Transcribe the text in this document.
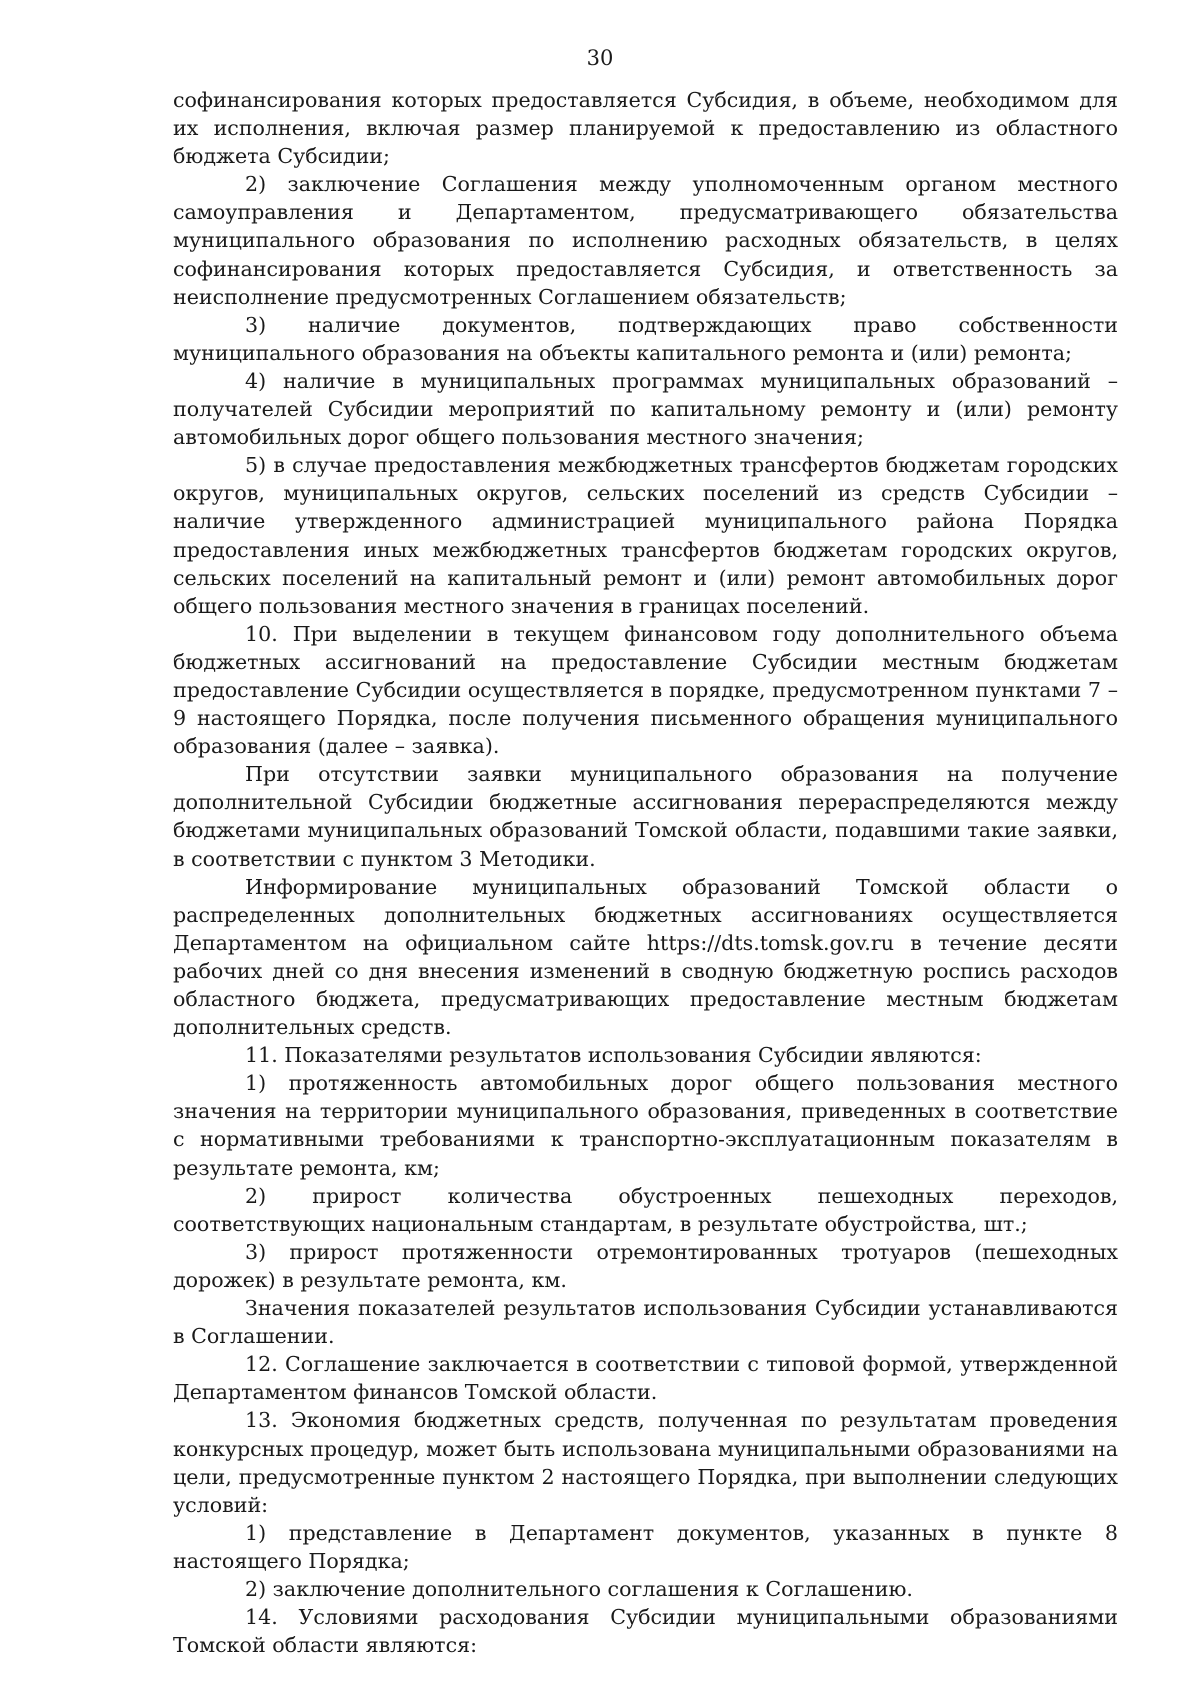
30

софинансирования которых предоставляется Субсидия, в объеме, необходимом для их исполнения, включая размер планируемой к предоставлению из областного бюджета Субсидии;

2) заключение Соглашения между уполномоченным органом местного самоуправления и Департаментом, предусматривающего обязательства муниципального образования по исполнению расходных обязательств, в целях софинансирования которых предоставляется Субсидия, и ответственность за неисполнение предусмотренных Соглашением обязательств;

3) наличие документов, подтверждающих право собственности муниципального образования на объекты капитального ремонта и (или) ремонта;

4) наличие в муниципальных программах муниципальных образований – получателей Субсидии мероприятий по капитальному ремонту и (или) ремонту автомобильных дорог общего пользования местного значения;

5) в случае предоставления межбюджетных трансфертов бюджетам городских округов, муниципальных округов, сельских поселений из средств Субсидии – наличие утвержденного администрацией муниципального района Порядка предоставления иных межбюджетных трансфертов бюджетам городских округов, сельских поселений на капитальный ремонт и (или) ремонт автомобильных дорог общего пользования местного значения в границах поселений.

10. При выделении в текущем финансовом году дополнительного объема бюджетных ассигнований на предоставление Субсидии местным бюджетам предоставление Субсидии осуществляется в порядке, предусмотренном пунктами 7 – 9 настоящего Порядка, после получения письменного обращения муниципального образования (далее – заявка).

При отсутствии заявки муниципального образования на получение дополнительной Субсидии бюджетные ассигнования перераспределяются между бюджетами муниципальных образований Томской области, подавшими такие заявки, в соответствии с пунктом 3 Методики.

Информирование муниципальных образований Томской области о распределенных дополнительных бюджетных ассигнованиях осуществляется Департаментом на официальном сайте https://dts.tomsk.gov.ru в течение десяти рабочих дней со дня внесения изменений в сводную бюджетную роспись расходов областного бюджета, предусматривающих предоставление местным бюджетам дополнительных средств.

11. Показателями результатов использования Субсидии являются:

1) протяженность автомобильных дорог общего пользования местного значения на территории муниципального образования, приведенных в соответствие с нормативными требованиями к транспортно-эксплуатационным показателям в результате ремонта, км;

2) прирост количества обустроенных пешеходных переходов, соответствующих национальным стандартам, в результате обустройства, шт.;

3) прирост протяженности отремонтированных тротуаров (пешеходных дорожек) в результате ремонта, км.

Значения показателей результатов использования Субсидии устанавливаются в Соглашении.

12. Соглашение заключается в соответствии с типовой формой, утвержденной Департаментом финансов Томской области.

13. Экономия бюджетных средств, полученная по результатам проведения конкурсных процедур, может быть использована муниципальными образованиями на цели, предусмотренные пунктом 2 настоящего Порядка, при выполнении следующих условий:

1) представление в Департамент документов, указанных в пункте 8 настоящего Порядка;

2) заключение дополнительного соглашения к Соглашению.

14. Условиями расходования Субсидии муниципальными образованиями Томской области являются:
